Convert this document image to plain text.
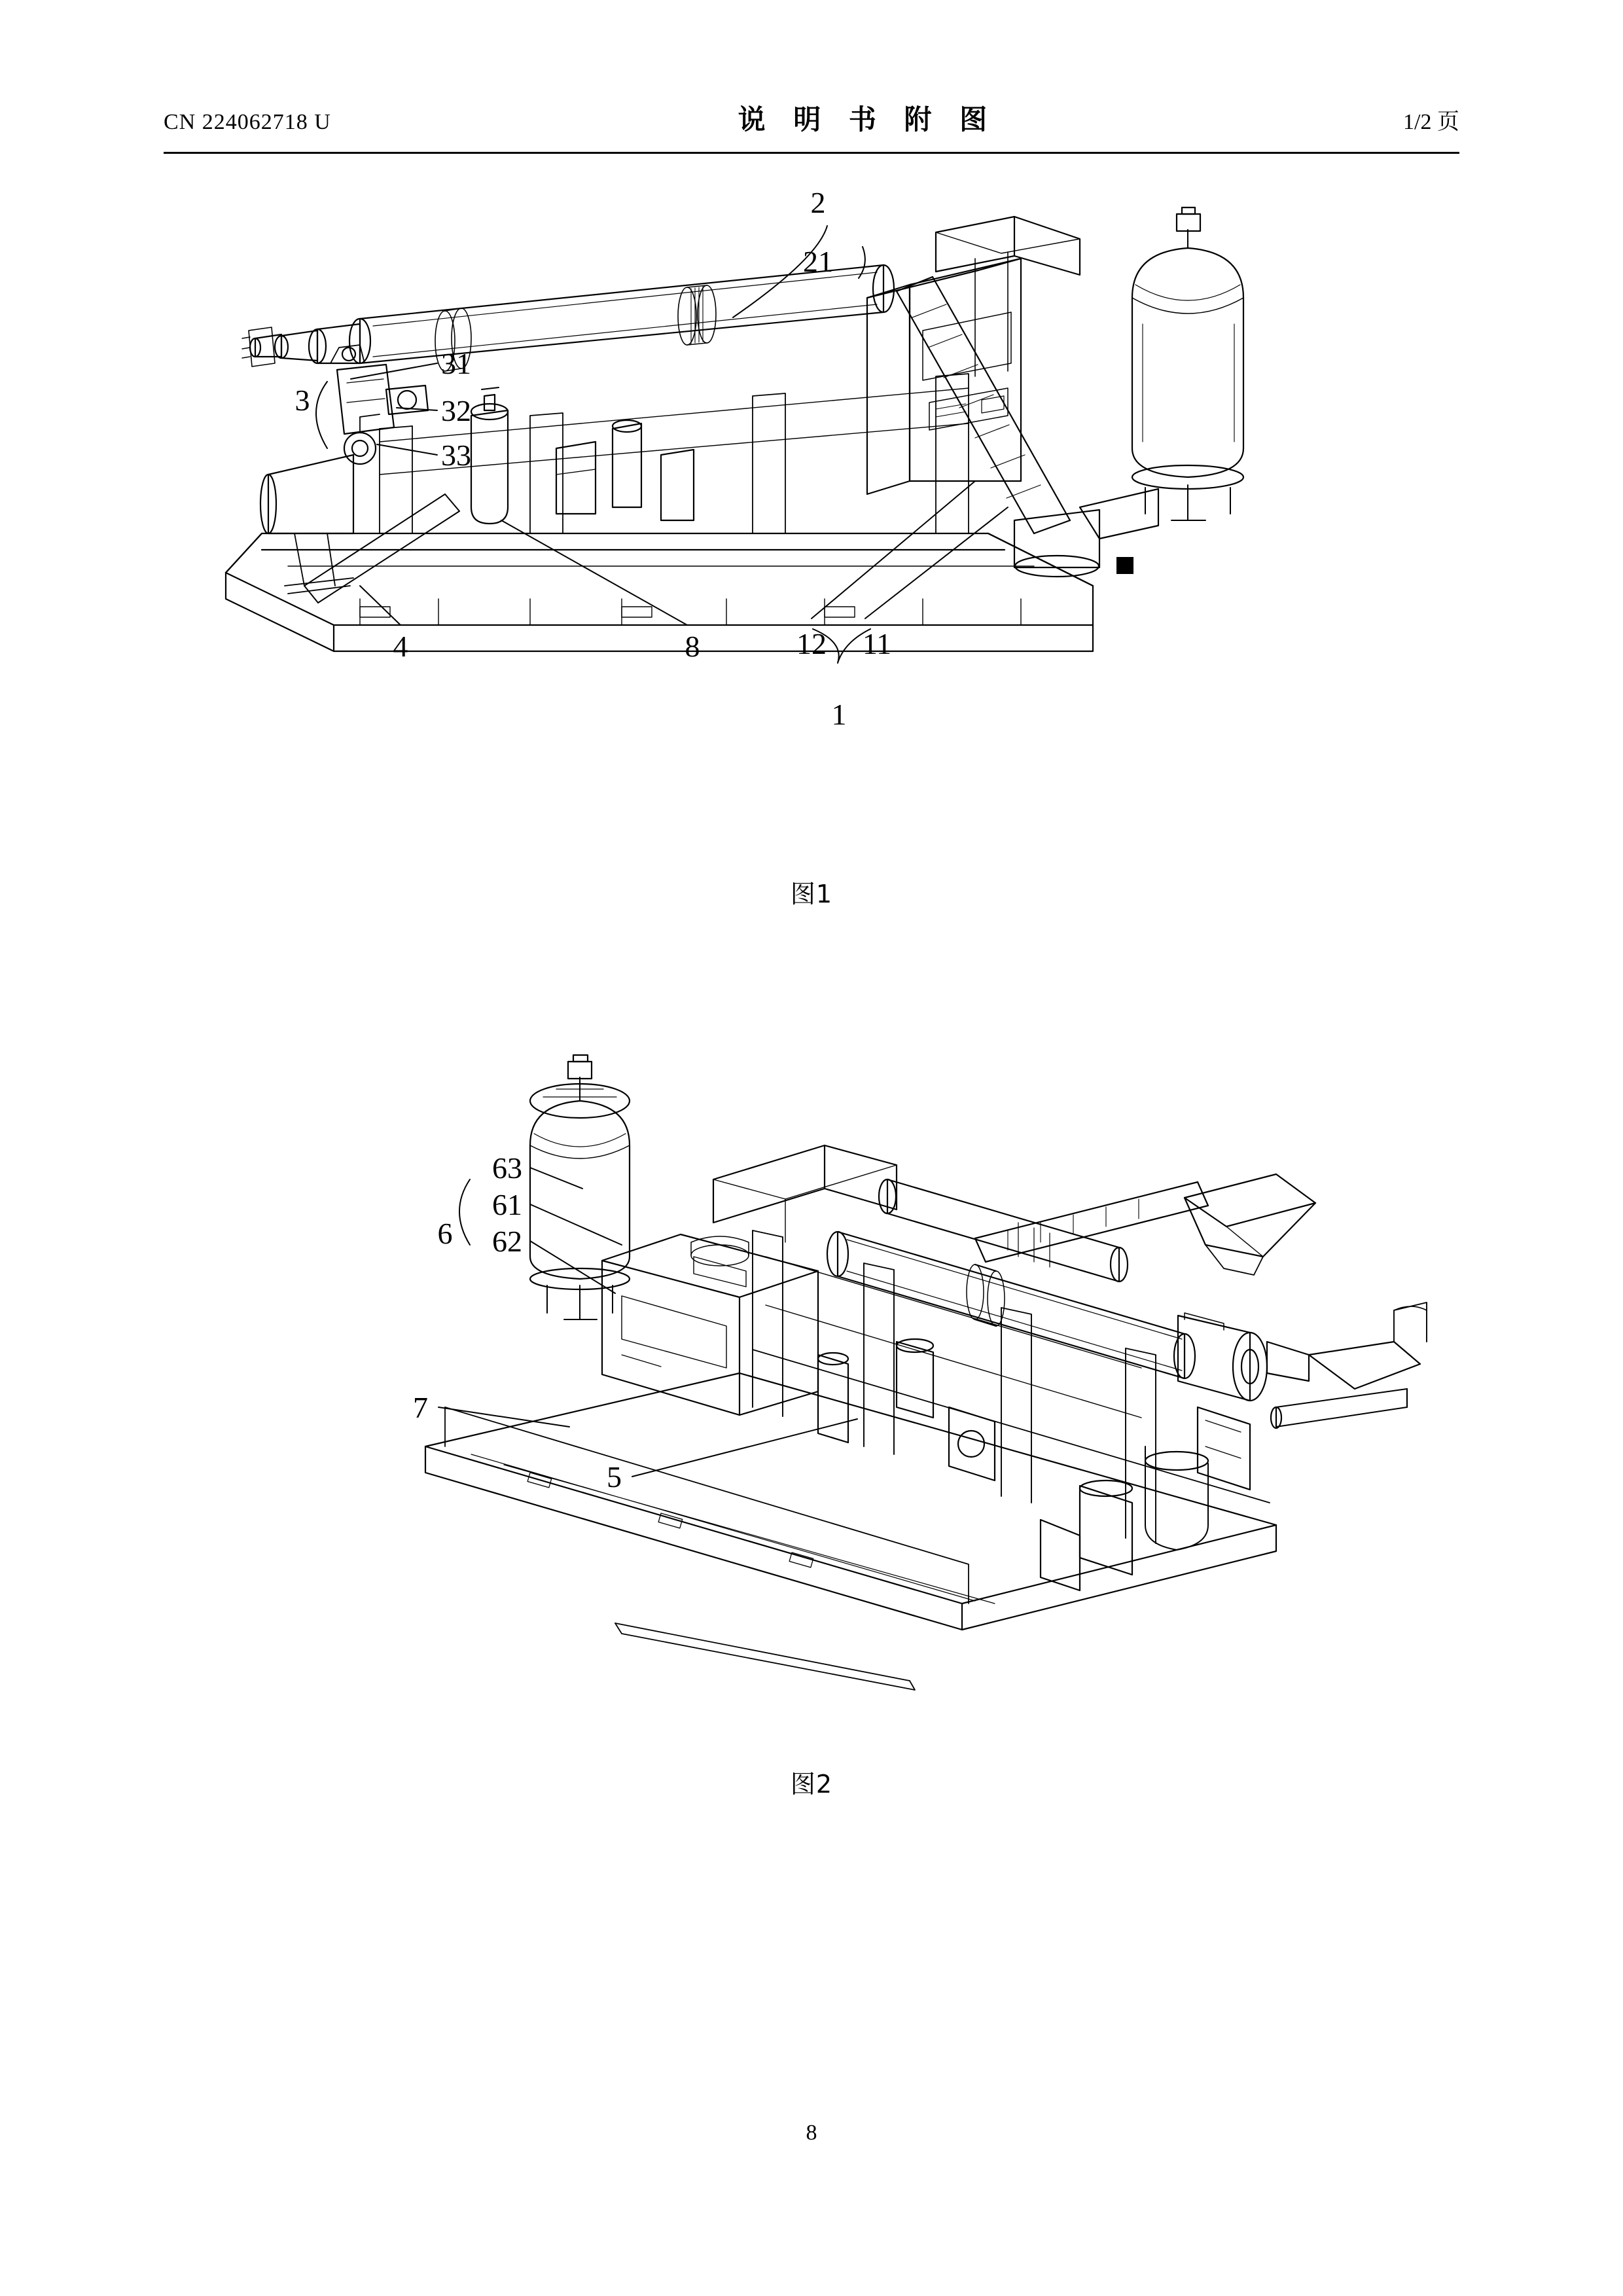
CN 224062718 U	说 明 书 附 图	1/2 页
2
21
3
31
32
33
4	8	12 11
1
图1
6
63
61
62
7
5
图2
8
